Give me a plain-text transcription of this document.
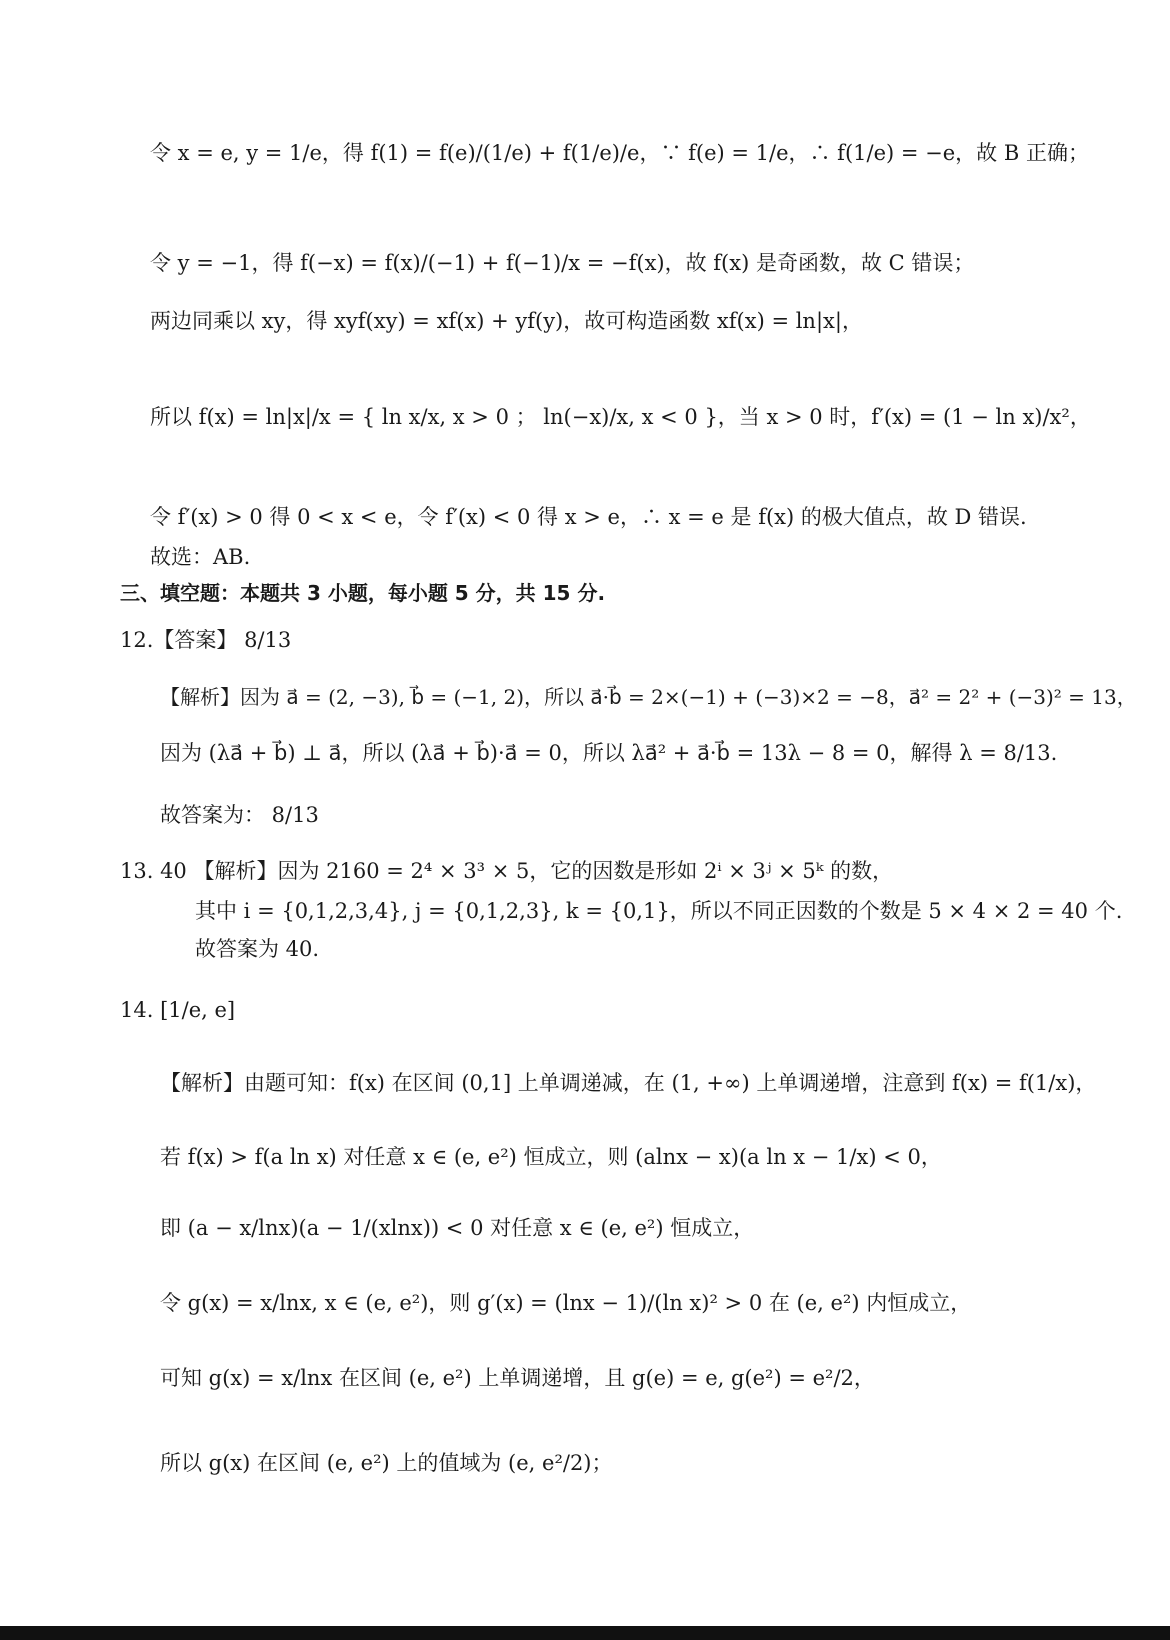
令 x = e, y = 1/e，得 f(1) = f(e)/(1/e) + f(1/e)/e，∵ f(e) = 1/e，∴ f(1/e) = −e，故 B 正确；
令 y = −1，得 f(−x) = f(x)/(−1) + f(−1)/x = −f(x)，故 f(x) 是奇函数，故 C 错误；
两边同乘以 xy，得 xyf(xy) = xf(x) + yf(y)，故可构造函数 xf(x) = ln|x|，
所以 f(x) = ln|x|/x = { ln x/x, x > 0 ； ln(−x)/x, x < 0 }，当 x > 0 时，f′(x) = (1 − ln x)/x²，
令 f′(x) > 0 得 0 < x < e，令 f′(x) < 0 得 x > e，∴ x = e 是 f(x) 的极大值点，故 D 错误.
故选：AB.
三、填空题：本题共 3 小题，每小题 5 分，共 15 分.
12.【答案】 8/13
【解析】因为 a⃗ = (2, −3), b⃗ = (−1, 2)，所以 a⃗·b⃗ = 2×(−1) + (−3)×2 = −8，a⃗² = 2² + (−3)² = 13，
因为 (λa⃗ + b⃗) ⊥ a⃗，所以 (λa⃗ + b⃗)·a⃗ = 0，所以 λa⃗² + a⃗·b⃗ = 13λ − 8 = 0，解得 λ = 8/13.
故答案为： 8/13
13. 40 【解析】因为 2160 = 2⁴ × 3³ × 5，它的因数是形如 2ⁱ × 3ʲ × 5ᵏ 的数，
其中 i = {0,1,2,3,4}, j = {0,1,2,3}, k = {0,1}，所以不同正因数的个数是 5 × 4 × 2 = 40 个.
故答案为 40.
14. [1/e, e]
【解析】由题可知：f(x) 在区间 (0,1] 上单调递减，在 (1, +∞) 上单调递增，注意到 f(x) = f(1/x)，
若 f(x) > f(a ln x) 对任意 x ∈ (e, e²) 恒成立，则 (alnx − x)(a ln x − 1/x) < 0，
即 (a − x/lnx)(a − 1/(xlnx)) < 0 对任意 x ∈ (e, e²) 恒成立，
令 g(x) = x/lnx, x ∈ (e, e²)，则 g′(x) = (lnx − 1)/(ln x)² > 0 在 (e, e²) 内恒成立，
可知 g(x) = x/lnx 在区间 (e, e²) 上单调递增，且 g(e) = e, g(e²) = e²/2，
所以 g(x) 在区间 (e, e²) 上的值域为 (e, e²/2)；
